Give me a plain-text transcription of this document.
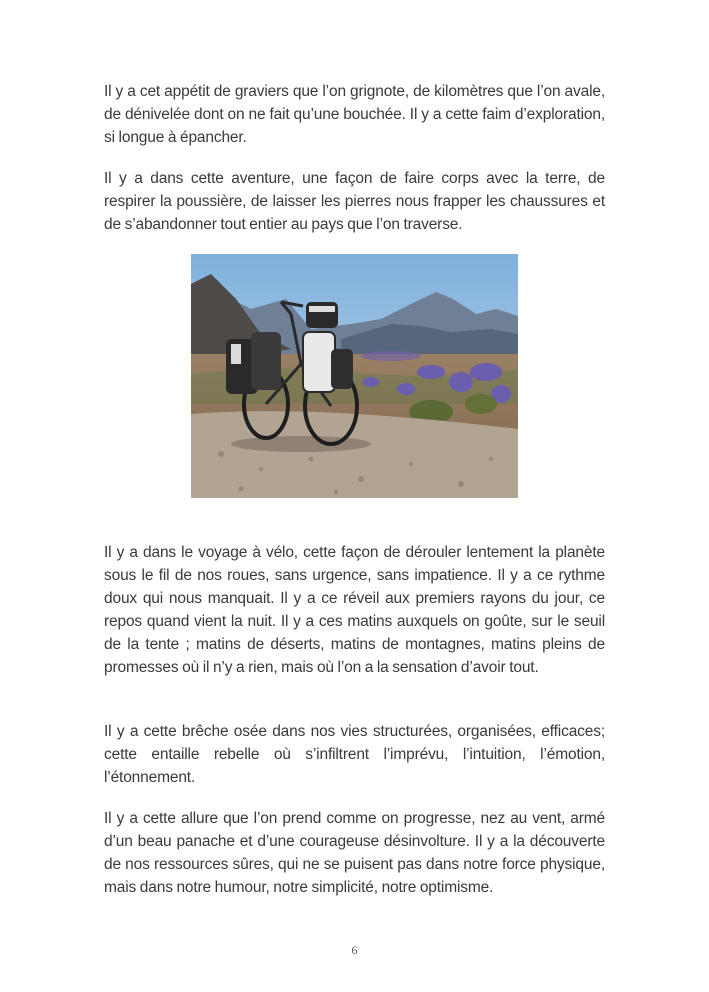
Il y a cet appétit de graviers que l’on grignote, de kilomètres que l’on avale, de dénivelée dont on ne fait qu’une bouchée. Il y a cette faim d’exploration, si longue à épancher.

Il y a dans cette aventure, une façon de faire corps avec la terre, de respirer la poussière, de laisser les pierres nous frapper les chaussures et de s’abandonner tout entier au pays que l’on traverse.

Il y a dans le voyage à vélo, cette façon de dérouler lentement la planète sous le fil de nos roues, sans urgence, sans impatience. Il y a ce rythme doux qui nous manquait. Il y a ce réveil aux premiers rayons du jour, ce repos quand vient la nuit. Il y a ces matins auxquels on goûte, sur le seuil de la tente ; matins de déserts, matins de montagnes, matins pleins de promesses où il n’y a rien, mais où l’on a la sensation d’avoir tout.

Il y a cette brêche osée dans nos vies structurées, organisées, efficaces; cette entaille rebelle où s’infiltrent l’imprévu, l’intuition, l’émotion, l’étonnement.

Il y a cette allure que l’on prend comme on progresse, nez au vent, armé d’un beau panache et d’une courageuse désinvolture. Il y a la découverte de nos ressources sûres, qui ne se puisent pas dans notre force physique, mais dans notre humour, notre simplicité, notre optimisme.

6
